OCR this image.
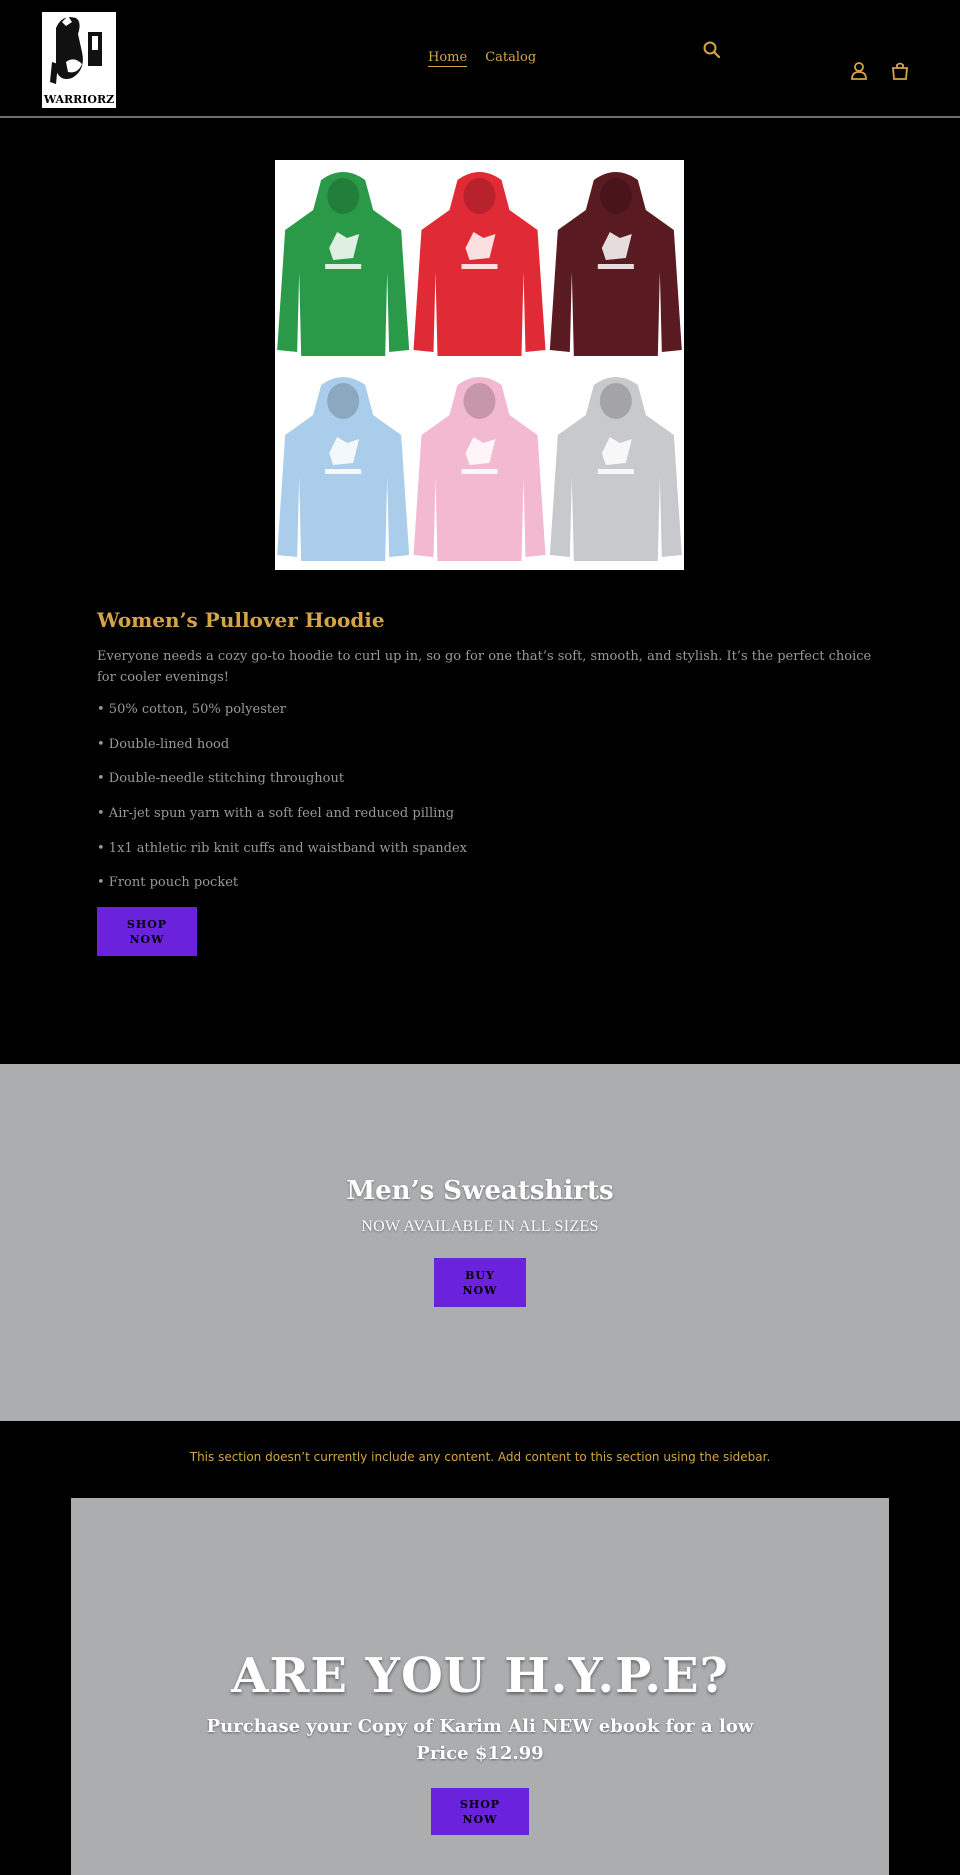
WARRIORZ
Home Catalog
Women’s Pullover Hoodie
Everyone needs a cozy go-to hoodie to curl up in, so go for one that’s soft, smooth, and stylish. It’s the perfect choice for cooler evenings!
• 50% cotton, 50% polyester
• Double-lined hood
• Double-needle stitching throughout
• Air-jet spun yarn with a soft feel and reduced pilling
• 1x1 athletic rib knit cuffs and waistband with spandex
• Front pouch pocket
SHOP
NOW
Men’s Sweatshirts
NOW AVAILABLE IN ALL SIZES
BUY
NOW
This section doesn’t currently include any content. Add content to this section using the sidebar.
ARE YOU H.Y.P.E?
Purchase your Copy of Karim Ali NEW ebook for a low Price $12.99
SHOP
NOW
